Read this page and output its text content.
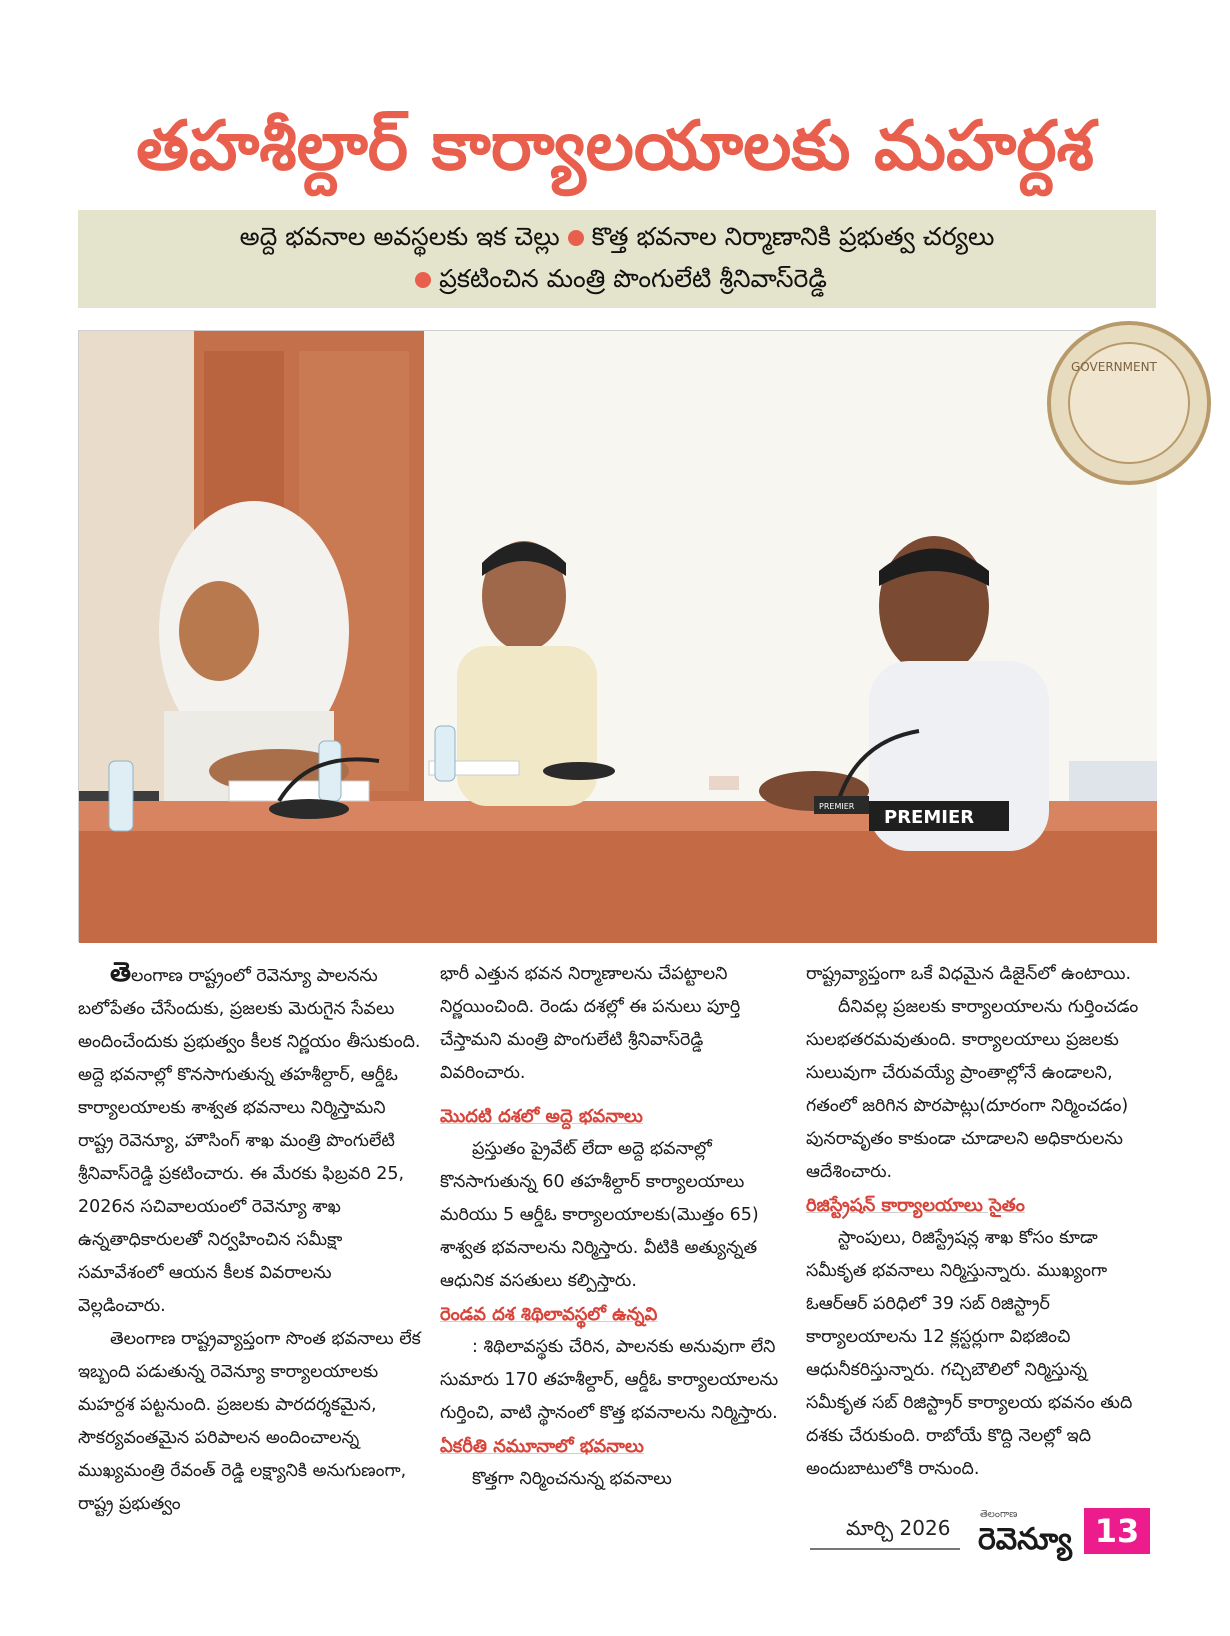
తహశీల్దార్ కార్యాలయాలకు మహర్దశ
అద్దె భవనాల అవస్థలకు ఇక చెల్లు కొత్త భవనాల నిర్మాణానికి ప్రభుత్వ చర్యలు
ప్రకటించిన మంత్రి పొంగులేటి శ్రీనివాస్‌రెడ్డి
GOVERNMENT
PREMIER
PREMIER

తెలంగాణ రాష్ట్రంలో రెవెన్యూ పాలనను బలోపేతం చేసేందుకు, ప్రజలకు మెరుగైన సేవలు అందించేందుకు ప్రభుత్వం కీలక నిర్ణయం తీసుకుంది. అద్దె భవనాల్లో కొనసాగుతున్న తహశీల్దార్, ఆర్డీఓ కార్యాలయాలకు శాశ్వత భవనాలు నిర్మిస్తామని రాష్ట్ర రెవెన్యూ, హౌసింగ్ శాఖ మంత్రి పొంగులేటి శ్రీనివాస్‌రెడ్డి ప్రకటించారు. ఈ మేరకు ఫిబ్రవరి 25, 2026న సచివాలయంలో రెవెన్యూ శాఖ ఉన్నతాధికారులతో నిర్వహించిన సమీక్షా సమావేశంలో ఆయన కీలక వివరాలను వెల్లడించారు.

తెలంగాణ రాష్ట్రవ్యాప్తంగా సొంత భవనాలు లేక ఇబ్బంది పడుతున్న రెవెన్యూ కార్యాలయాలకు మహర్దశ పట్టనుంది. ప్రజలకు పారదర్శకమైన, సౌకర్యవంతమైన పరిపాలన అందించాలన్న ముఖ్యమంత్రి రేవంత్ రెడ్డి లక్ష్యానికి అనుగుణంగా, రాష్ట్ర ప్రభుత్వం

భారీ ఎత్తున భవన నిర్మాణాలను చేపట్టాలని నిర్ణయించింది. రెండు దశల్లో ఈ పనులు పూర్తి చేస్తామని మంత్రి పొంగులేటి శ్రీనివాస్‌రెడ్డి వివరించారు.

మొదటి దశలో అద్దె భవనాలు

ప్రస్తుతం ప్రైవేట్ లేదా అద్దె భవనాల్లో కొనసాగుతున్న 60 తహశీల్దార్ కార్యాలయాలు మరియు 5 ఆర్డీఓ కార్యాలయాలకు(మొత్తం 65) శాశ్వత భవనాలను నిర్మిస్తారు. వీటికి అత్యున్నత ఆధునిక వసతులు కల్పిస్తారు.

రెండవ దశ శిథిలావస్థలో ఉన్నవి

: శిథిలావస్థకు చేరిన, పాలనకు అనువుగా లేని సుమారు 170 తహశీల్దార్, ఆర్డీఓ కార్యాలయాలను గుర్తించి, వాటి స్థానంలో కొత్త భవనాలను నిర్మిస్తారు.

ఏకరీతి నమూనాలో భవనాలు

కొత్తగా నిర్మించనున్న భవనాలు

రాష్ట్రవ్యాప్తంగా ఒకే విధమైన డిజైన్‌లో ఉంటాయి.

దీనివల్ల ప్రజలకు కార్యాలయాలను గుర్తించడం సులభతరమవుతుంది. కార్యాలయాలు ప్రజలకు సులువుగా చేరువయ్యే ప్రాంతాల్లోనే ఉండాలని, గతంలో జరిగిన పొరపాట్లు(దూరంగా నిర్మించడం) పునరావృతం కాకుండా చూడాలని అధికారులను ఆదేశించారు.

రిజిస్ట్రేషన్ కార్యాలయాలు సైతం

స్టాంపులు, రిజిస్ట్రేషన్ల శాఖ కోసం కూడా సమీకృత భవనాలు నిర్మిస్తున్నారు. ముఖ్యంగా ఓఆర్ఆర్ పరిధిలో 39 సబ్ రిజిస్ట్రార్ కార్యాలయాలను 12 క్లస్టర్లుగా విభజించి ఆధునీకరిస్తున్నారు. గచ్చిబౌలిలో నిర్మిస్తున్న సమీకృత సబ్ రిజిస్ట్రార్ కార్యాలయ భవనం తుది దశకు చేరుకుంది. రాబోయే కొద్ది నెలల్లో ఇది అందుబాటులోకి రానుంది.

మార్చి 2026
తెలంగాణ
రెవెన్యూ 13
